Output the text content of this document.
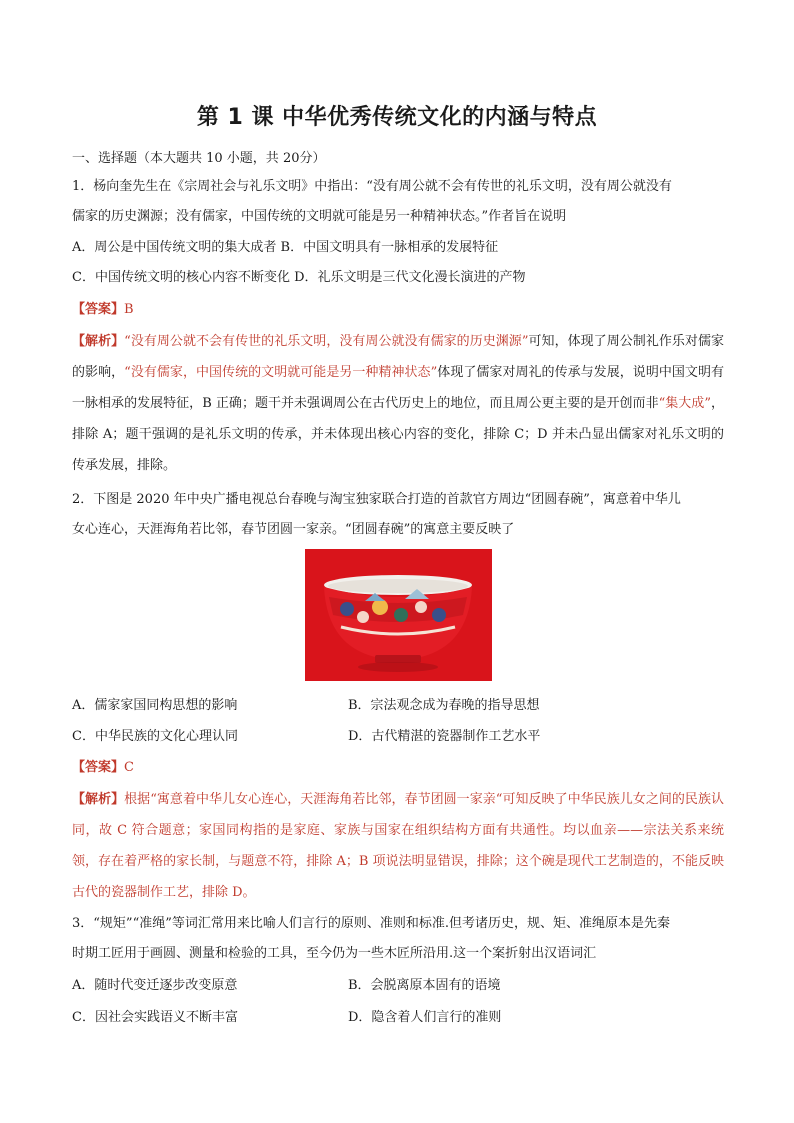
第 1 课 中华优秀传统文化的内涵与特点
一、选择题（本大题共 10 小题，共 20分）
1．杨向奎先生在《宗周社会与礼乐文明》中指出：“没有周公就不会有传世的礼乐文明，没有周公就没有
儒家的历史渊源；没有儒家，中国传统的文明就可能是另一种精神状态。”作者旨在说明
A．周公是中国传统文明的集大成者 B．中国文明具有一脉相承的发展特征
C．中国传统文明的核心内容不断变化 D．礼乐文明是三代文化漫长演进的产物
【答案】B
【解析】“没有周公就不会有传世的礼乐文明，没有周公就没有儒家的历史渊源”可知，体现了周公制礼作乐对儒家的影响，“没有儒家，中国传统的文明就可能是另一种精神状态”体现了儒家对周礼的传承与发展，说明中国文明有一脉相承的发展特征，B 正确；题干并未强调周公在古代历史上的地位，而且周公更主要的是开创而非“集大成”，排除 A；题干强调的是礼乐文明的传承，并未体现出核心内容的变化，排除 C；D 并未凸显出儒家对礼乐文明的传承发展，排除。
2．下图是 2020 年中央广播电视总台春晚与淘宝独家联合打造的首款官方周边“团圆春碗”，寓意着中华儿
女心连心，天涯海角若比邻，春节团圆一家亲。“团圆春碗”的寓意主要反映了
A．儒家家国同构思想的影响	B．宗法观念成为春晚的指导思想
C．中华民族的文化心理认同	D．古代精湛的瓷器制作工艺水平
【答案】C
【解析】根据“寓意着中华儿女心连心，天涯海角若比邻，春节团圆一家亲“可知反映了中华民族儿女之间的民族认同，故 C 符合题意；家国同构指的是家庭、家族与国家在组织结构方面有共通性。均以血亲——宗法关系来统领，存在着严格的家长制，与题意不符，排除 A；B 项说法明显错误，排除；这个碗是现代工艺制造的，不能反映古代的瓷器制作工艺，排除 D。
3．“规矩”“准绳”等词汇常用来比喻人们言行的原则、准则和标准.但考诸历史，规、矩、准绳原本是先秦
时期工匠用于画圆、测量和检验的工具，至今仍为一些木匠所沿用.这一个案折射出汉语词汇
A．随时代变迁逐步改变原意	B．会脱离原本固有的语境
C．因社会实践语义不断丰富	D．隐含着人们言行的准则
